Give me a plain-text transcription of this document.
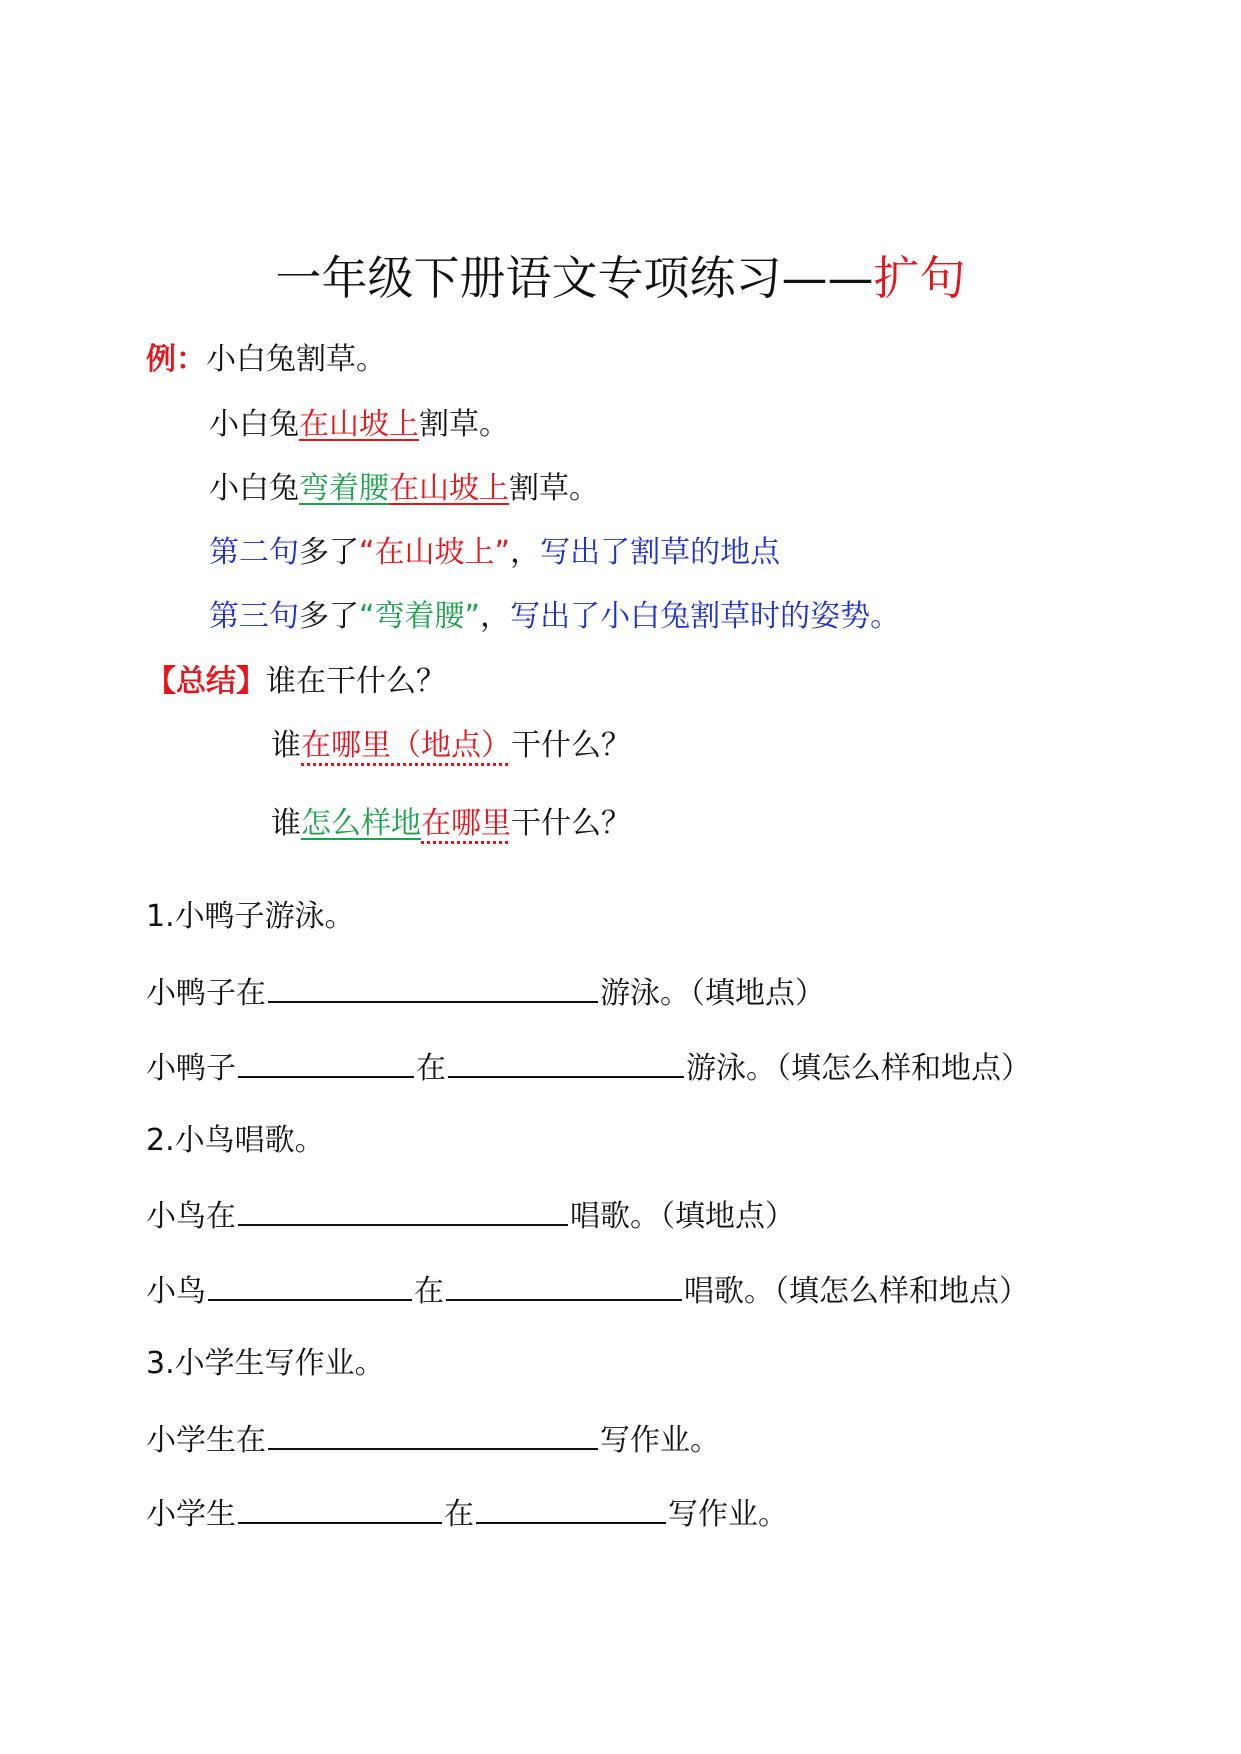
一年级下册语文专项练习——扩句
例：小白兔割草。
小白兔在山坡上割草。
小白兔弯着腰在山坡上割草。
第二句多了“在山坡上”，写出了割草的地点
第三句多了“弯着腰”，写出了小白兔割草时的姿势。
【总结】谁在干什么？
谁在哪里（地点）干什么？
谁怎么样地在哪里干什么？
1.小鸭子游泳。
小鸭子在	游泳。（填地点）
小鸭子	在	游泳。（填怎么样和地点）
2.小鸟唱歌。
小鸟在	唱歌。（填地点）
小鸟	在	唱歌。（填怎么样和地点）
3.小学生写作业。
小学生在	写作业。
小学生	在	写作业。
